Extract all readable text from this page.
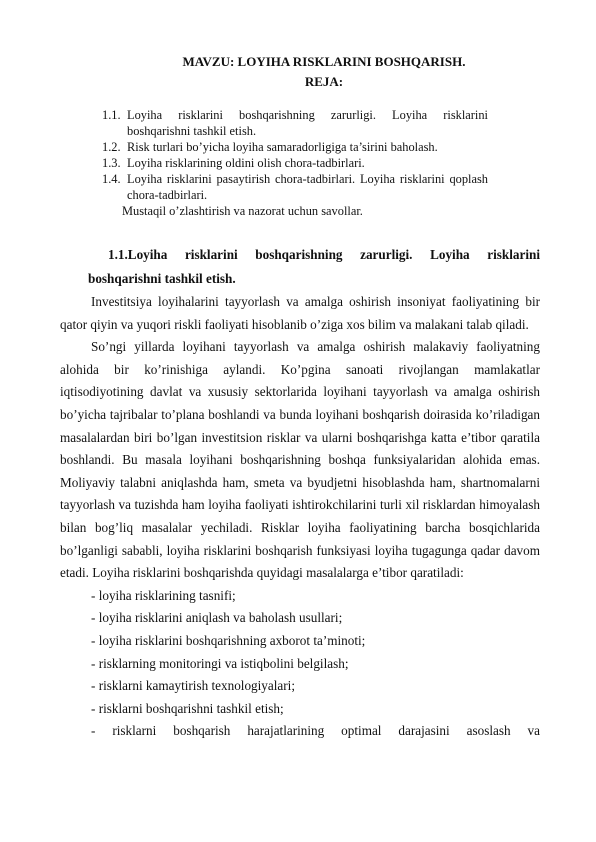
MAVZU: LOYIHA RISKLARINI BOSHQARISH.
REJA:
1.1. Loyiha risklarini boshqarishning zarurligi. Loyiha risklarini boshqarishni tashkil etish.
1.2. Risk turlari bo’yicha loyiha samaradorligiga ta’sirini baholash.
1.3. Loyiha risklarining oldini olish chora-tadbirlari.
1.4. Loyiha risklarini pasaytirish chora-tadbirlari. Loyiha risklarini qoplash chora-tadbirlari.
Mustaqil o’zlashtirish va nazorat uchun savollar.
1.1.Loyiha risklarini boshqarishning zarurligi. Loyiha risklarini
boshqarishni tashkil etish.

Investitsiya loyihalarini tayyorlash va amalga oshirish insoniyat faoliyatining bir qator qiyin va yuqori riskli faoliyati hisoblanib o’ziga xos bilim va malakani talab qiladi.

So’ngi yillarda loyihani tayyorlash va amalga oshirish malakaviy faoliyatning alohida bir ko’rinishiga aylandi. Ko’pgina sanoati rivojlangan mamlakatlar iqtisodiyotining davlat va xususiy sektorlarida loyihani tayyorlash va amalga oshirish bo’yicha tajribalar to’plana boshlandi va bunda loyihani boshqarish doirasida ko’riladigan masalalardan biri bo’lgan investitsion risklar va ularni boshqarishga katta e’tibor qaratila boshlandi. Bu masala loyihani boshqarishning boshqa funksiyalaridan alohida emas. Moliyaviy talabni aniqlashda ham, smeta va byudjetni hisoblashda ham, shartnomalarni tayyorlash va tuzishda ham loyiha faoliyati ishtirokchilarini turli xil risklardan himoyalash bilan bog’liq masalalar yechiladi. Risklar loyiha faoliyatining barcha bosqichlarida bo’lganligi sababli, loyiha risklarini boshqarish funksiyasi loyiha tugagunga qadar davom etadi. Loyiha risklarini boshqarishda quyidagi masalalarga e’tibor qaratiladi:

- loyiha risklarining tasnifi;
- loyiha risklarini aniqlash va baholash usullari;
- loyiha risklarini boshqarishning axborot ta’minoti;
- risklarning monitoringi va istiqbolini belgilash;
- risklarni kamaytirish texnologiyalari;
- risklarni boshqarishni tashkil etish;
- risklarni boshqarish harajatlarining optimal darajasini asoslash va
